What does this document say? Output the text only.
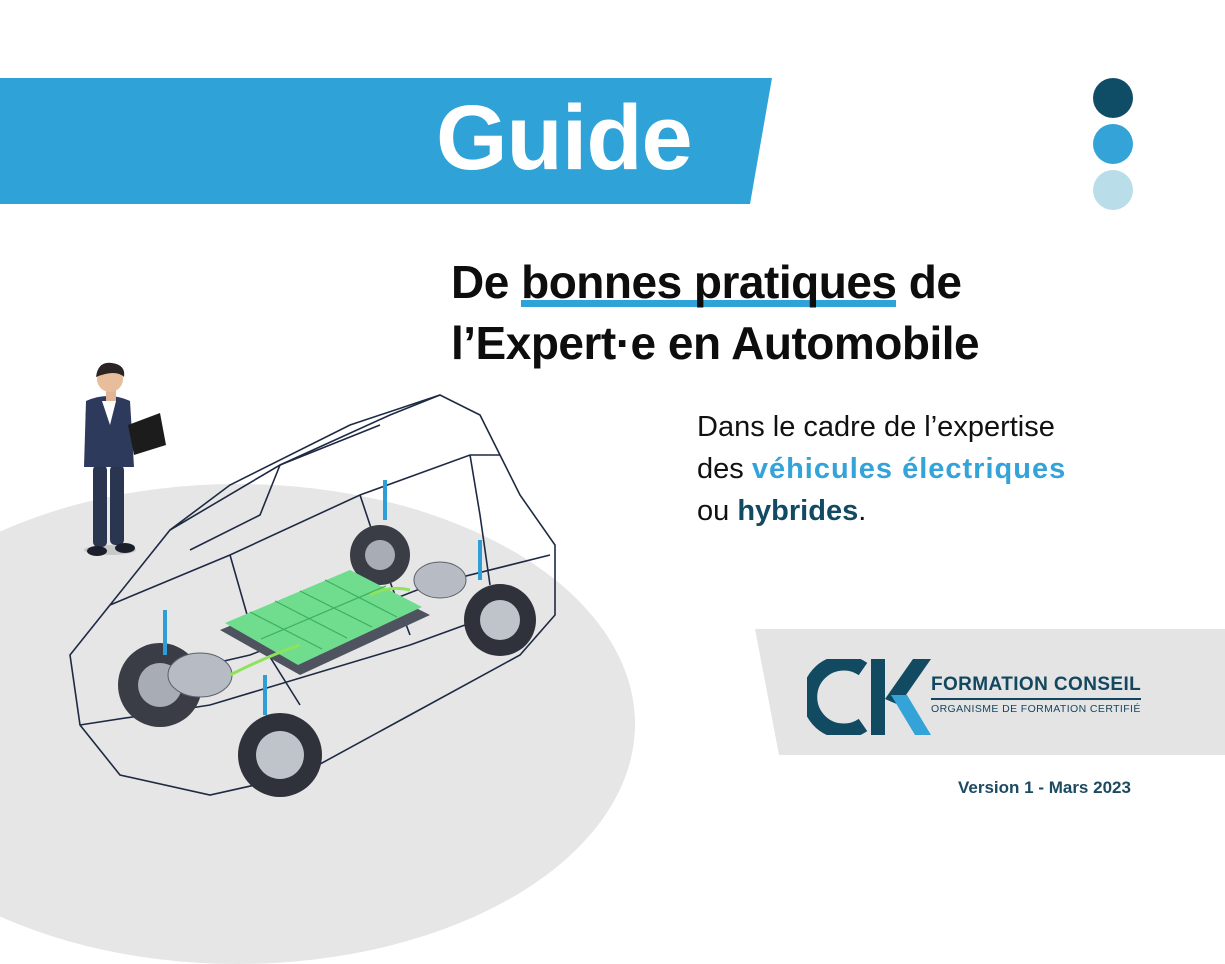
Guide
De bonnes pratiques de
l’Expert·e en Automobile
Dans le cadre de l’expertise
des véhicules électriques
ou hybrides.
FORMATION CONSEIL
ORGANISME DE FORMATION CERTIFIÉ
Version 1 - Mars 2023
